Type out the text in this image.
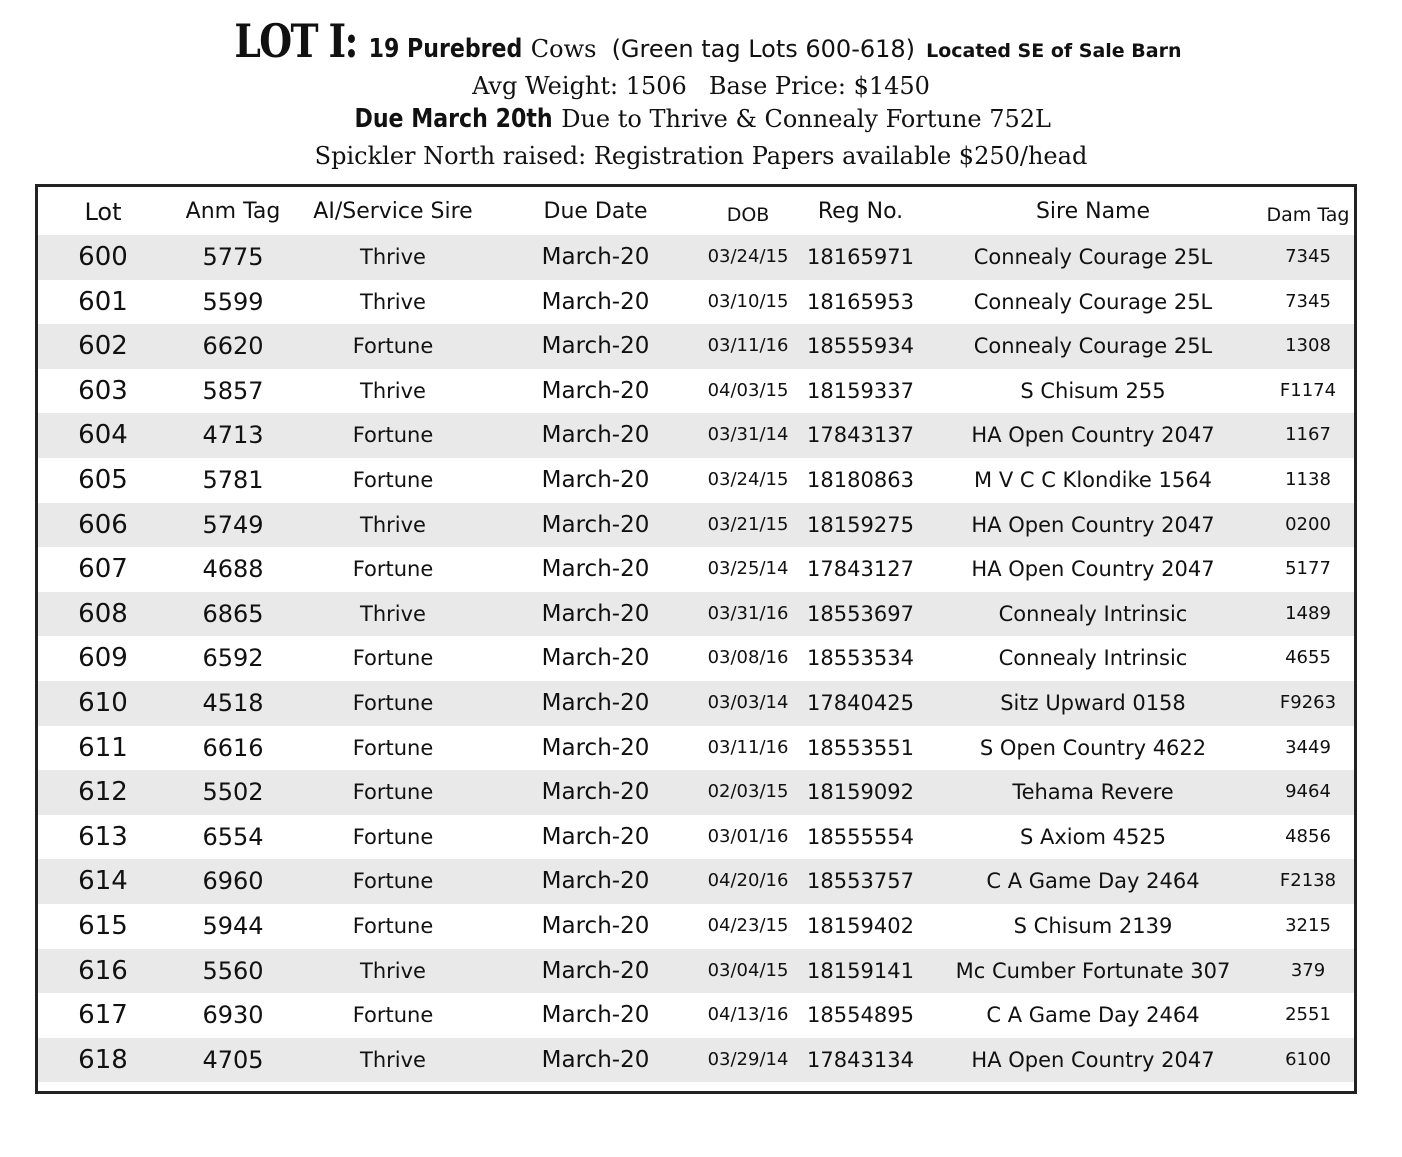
LOT I: 19 Purebred Cows (Green tag Lots 600-618) Located SE of Sale Barn
Avg Weight: 1506 Base Price: $1450
Due March 20th Due to Thrive & Connealy Fortune 752L
Spickler North raised: Registration Papers available $250/head
Lot	Anm Tag	AI/Service Sire	Due Date	DOB	Reg No.	Sire Name	Dam Tag
600	5775	Thrive	March-20	03/24/15 18165971	Connealy Courage 25L	7345
601	5599	Thrive	March-20	03/10/15 18165953	Connealy Courage 25L	7345
602	6620	Fortune	March-20	03/11/16 18555934	Connealy Courage 25L	1308
603	5857	Thrive	March-20	04/03/15 18159337	S Chisum 255	F1174
604	4713	Fortune	March-20	03/31/14 17843137	HA Open Country 2047	1167
605	5781	Fortune	March-20	03/24/15 18180863	M V C C Klondike 1564	1138
606	5749	Thrive	March-20	03/21/15 18159275	HA Open Country 2047	0200
607	4688	Fortune	March-20	03/25/14 17843127	HA Open Country 2047	5177
608	6865	Thrive	March-20	03/31/16 18553697	Connealy Intrinsic	1489
609	6592	Fortune	March-20	03/08/16 18553534	Connealy Intrinsic	4655
610	4518	Fortune	March-20	03/03/14 17840425	Sitz Upward 0158	F9263
611	6616	Fortune	March-20	03/11/16 18553551	S Open Country 4622	3449
612	5502	Fortune	March-20	02/03/15 18159092	Tehama Revere	9464
613	6554	Fortune	March-20	03/01/16 18555554	S Axiom 4525	4856
614	6960	Fortune	March-20	04/20/16 18553757	C A Game Day 2464	F2138
615	5944	Fortune	March-20	04/23/15 18159402	S Chisum 2139	3215
616	5560	Thrive	March-20	03/04/15 18159141	Mc Cumber Fortunate 307	379
617	6930	Fortune	March-20	04/13/16 18554895	C A Game Day 2464	2551
618	4705	Thrive	March-20	03/29/14 17843134	HA Open Country 2047	6100
